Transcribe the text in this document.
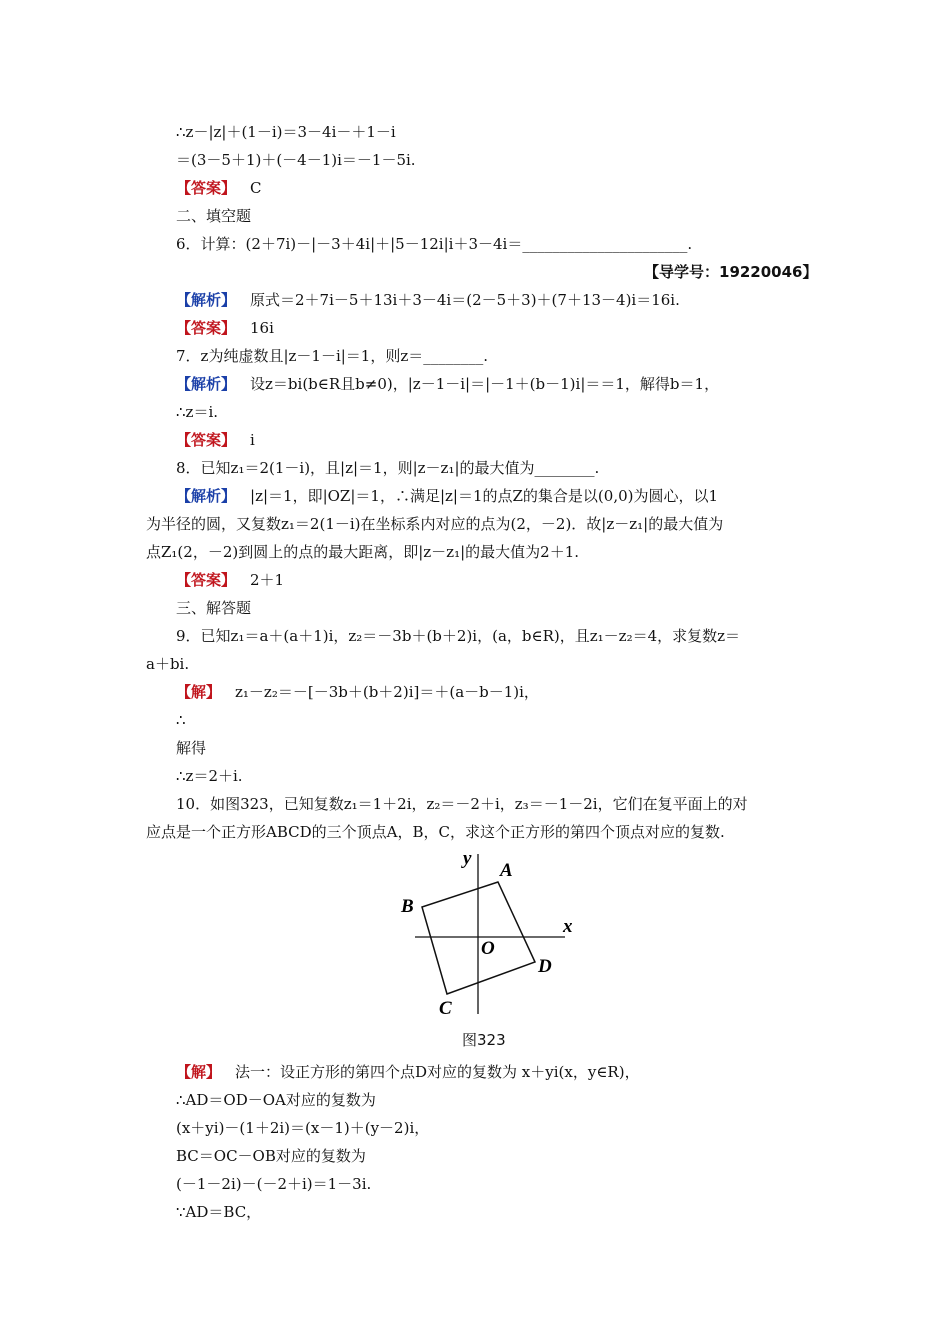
∴z－|z|＋(1－i)＝3－4i－＋1－i
＝(3－5＋1)＋(－4－1)i＝－1－5i.
【答案】 C
二、填空题
6．计算：(2＋7i)－|－3＋4i|＋|5－12i|i＋3－4i＝______________________.
【导学号：19220046】
【解析】 原式＝2＋7i－5＋13i＋3－4i＝(2－5＋3)＋(7＋13－4)i＝16i.
【答案】 16i
7．z为纯虚数且|z－1－i|＝1，则z＝________.
【解析】 设z＝bi(b∈R且b≠0)，|z－1－i|＝|－1＋(b－1)i|＝＝1，解得b＝1，
∴z＝i.
【答案】 i
8．已知z₁＝2(1－i)，且|z|＝1，则|z－z₁|的最大值为________.
【解析】 |z|＝1，即|OZ|＝1，∴满足|z|＝1的点Z的集合是以(0,0)为圆心，以1
为半径的圆，又复数z₁＝2(1－i)在坐标系内对应的点为(2，－2)．故|z－z₁|的最大值为
点Z₁(2，－2)到圆上的点的最大距离，即|z－z₁|的最大值为2＋1.
【答案】 2＋1
三、解答题
9．已知z₁＝a＋(a＋1)i，z₂＝－3b＋(b＋2)i，(a，b∈R)，且z₁－z₂＝4，求复数z＝
a＋bi.
【解】 z₁－z₂＝－[－3b＋(b＋2)i]＝＋(a－b－1)i，
∴
解得
∴z＝2＋i.
10．如图323，已知复数z₁＝1＋2i，z₂＝－2＋i，z₃＝－1－2i，它们在复平面上的对
应点是一个正方形ABCD的三个顶点A，B，C，求这个正方形的第四个顶点对应的复数.
y
x
A
B
C
D
O
图323
【解】 法一：设正方形的第四个点D对应的复数为 x＋yi(x，y∈R)，
∴AD＝OD－OA对应的复数为
(x＋yi)－(1＋2i)＝(x－1)＋(y－2)i，
BC＝OC－OB对应的复数为
(－1－2i)－(－2＋i)＝1－3i.
∵AD＝BC，
